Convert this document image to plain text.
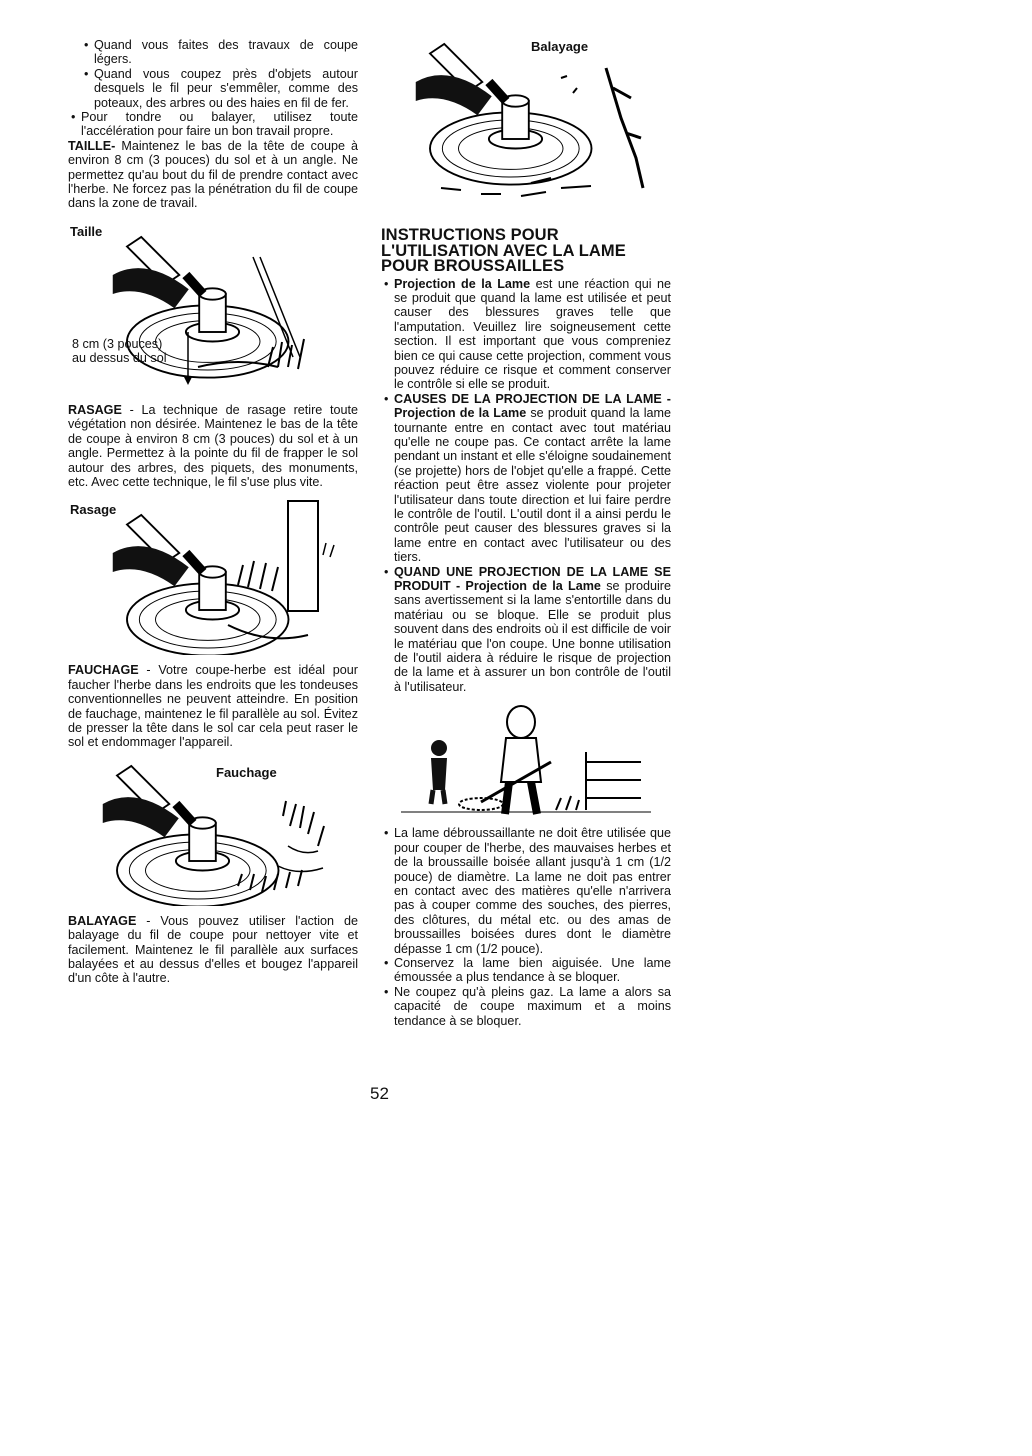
• Quand vous faites des travaux de coupe légers.
• Quand vous coupez près d'objets autour desquels le fil peur s'emmêler, comme des poteaux, des arbres ou des haies en fil de fer.
• Pour tondre ou balayer, utilisez toute l'accélération pour faire un bon travail propre.

TAILLE- Maintenez le bas de la tête de coupe à environ 8 cm (3 pouces) du sol et à un angle. Ne permettez qu'au bout du fil de prendre contact avec l'herbe. Ne forcez pas la pénétration du fil de coupe dans la zone de travail.

Taille
8 cm (3 pouces) au dessus du sol

RASAGE - La technique de rasage retire toute végétation non désirée. Maintenez le bas de la tête de coupe à environ 8 cm (3 pouces) du sol et à un angle. Permettez à la pointe du fil de frapper le sol autour des arbres, des piquets, des monuments, etc. Avec cette technique, le fil s'use plus vite.

Rasage

FAUCHAGE - Votre coupe-herbe est idéal pour faucher l'herbe dans les endroits que les tondeuses conventionnelles ne peuvent atteindre. En position de fauchage, maintenez le fil parallèle au sol. Évitez de presser la tête dans le sol car cela peut raser le sol et endommager l'appareil.

Fauchage

BALAYAGE - Vous pouvez utiliser l'action de balayage du fil de coupe pour nettoyer vite et facilement. Maintenez le fil parallèle aux surfaces balayées et au dessus d'elles et bougez l'appareil d'un côte à l'autre.

Balayage
INSTRUCTIONS POUR L'UTILISATION AVEC LA LAME POUR BROUSSAILLES
• Projection de la Lame est une réaction qui ne se produit que quand la lame est utilisée et peut causer des blessures graves telle que l'amputation. Veuillez lire soigneusement cette section. Il est important que vous compreniez bien ce qui cause cette projection, comment vous pouvez réduire ce risque et comment conserver le contrôle si elle se produit.
• CAUSES DE LA PROJECTION DE LA LAME - Projection de la Lame se produit quand la lame tournante entre en contact avec tout matériau qu'elle ne coupe pas. Ce contact arrête la lame pendant un instant et elle s'éloigne soudainement (se projette) hors de l'objet qu'elle a frappé. Cette réaction peut être assez violente pour projeter l'utilisateur dans toute direction et lui faire perdre le contrôle de l'outil. L'outil dont il a ainsi perdu le contrôle peut causer des blessures graves si la lame entre en contact avec l'utilisateur ou des tiers.
• QUAND UNE PROJECTION DE LA LAME SE PRODUIT - Projection de la Lame se produire sans avertissement si la lame s'entortille dans du matériau ou se bloque. Elle se produit plus souvent dans des endroits où il est difficile de voir le matériau que l'on coupe. Une bonne utilisation de l'outil aidera à réduire le risque de projection de la lame et à assurer un bon contrôle de l'outil à l'utilisateur.
• La lame débroussaillante ne doit être utilisée que pour couper de l'herbe, des mauvaises herbes et de la broussaille boisée allant jusqu'à 1 cm (1/2 pouce) de diamètre. La lame ne doit pas entrer en contact avec des matières qu'elle n'arrivera pas à couper comme des souches, des pierres, des clôtures, du métal etc. ou des amas de broussailles boisées dures dont le diamètre dépasse 1 cm (1/2 pouce).
• Conservez la lame bien aiguisée. Une lame émoussée a plus tendance à se bloquer.
• Ne coupez qu'à pleins gaz. La lame a alors sa capacité de coupe maximum et a moins tendance à se bloquer.
52
